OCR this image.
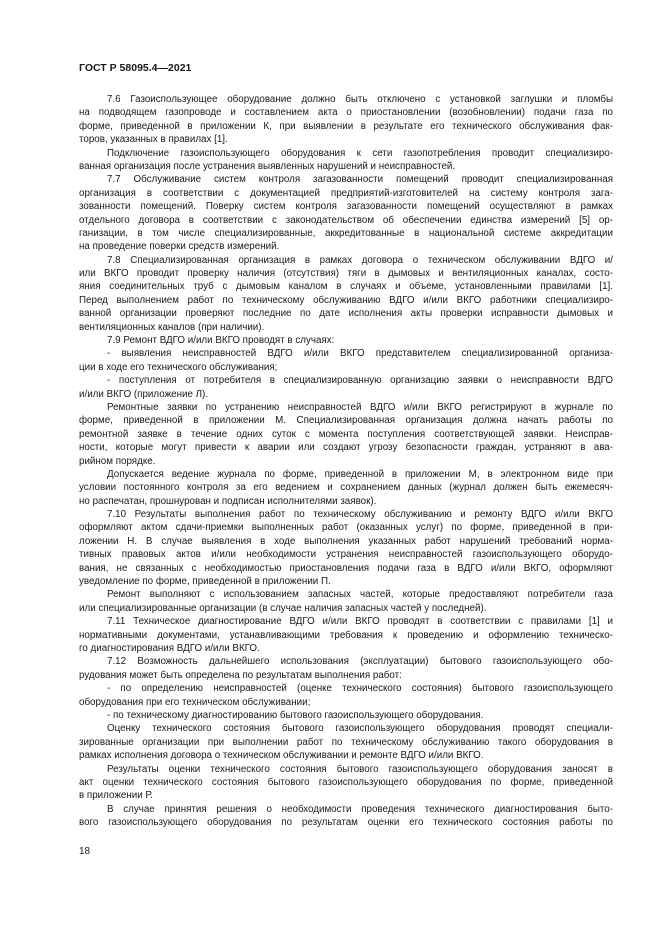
ГОСТ Р 58095.4—2021
7.6 Газоиспользующее оборудование должно быть отключено с установкой заглушки и пломбы
на подводящем газопроводе и составлением акта о приостановлении (возобновлении) подачи газа по
форме, приведенной в приложении К, при выявлении в результате его технического обслуживания фак-
торов, указанных в правилах [1].
Подключение газоиспользующего оборудования к сети газопотребления проводит специализиро-
ванная организация после устранения выявленных нарушений и неисправностей.
7.7 Обслуживание систем контроля загазованности помещений проводит специализированная
организация в соответствии с документацией предприятий-изготовителей на систему контроля зага-
зованности помещений. Поверку систем контроля загазованности помещений осуществляют в рамках
отдельного договора в соответствии с законодательством об обеспечении единства измерений [5] ор-
ганизации, в том числе специализированные, аккредитованные в национальной системе аккредитации
на проведение поверки средств измерений.
7.8 Специализированная организация в рамках договора о техническом обслуживании ВДГО и/
или ВКГО проводит проверку наличия (отсутствия) тяги в дымовых и вентиляционных каналах, состо-
яния соединительных труб с дымовым каналом в случаях и объеме, установленными правилами [1].
Перед выполнением работ по техническому обслуживанию ВДГО и/или ВКГО работники специализиро-
ванной организации проверяют последние по дате исполнения акты проверки исправности дымовых и
вентиляционных каналов (при наличии).
7.9 Ремонт ВДГО и/или ВКГО проводят в случаях:
- выявления неисправностей ВДГО и/или ВКГО представителем специализированной организа-
ции в ходе его технического обслуживания;
- поступления от потребителя в специализированную организацию заявки о неисправности ВДГО
и/или ВКГО (приложение Л).
Ремонтные заявки по устранению неисправностей ВДГО и/или ВКГО регистрируют в журнале по
форме, приведенной в приложении М. Специализированная организация должна начать работы по
ремонтной заявке в течение одних суток с момента поступления соответствующей заявки. Неисправ-
ности, которые могут привести к аварии или создают угрозу безопасности граждан, устраняют в ава-
рийном порядке.
Допускается ведение журнала по форме, приведенной в приложении М, в электронном виде при
условии постоянного контроля за его ведением и сохранением данных (журнал должен быть ежемесяч-
но распечатан, прошнурован и подписан исполнителями заявок).
7.10 Результаты выполнения работ по техническому обслуживанию и ремонту ВДГО и/или ВКГО
оформляют актом сдачи-приемки выполненных работ (оказанных услуг) по форме, приведенной в при-
ложении Н. В случае выявления в ходе выполнения указанных работ нарушений требований норма-
тивных правовых актов и/или необходимости устранения неисправностей газоиспользующего оборудо-
вания, не связанных с необходимостью приостановления подачи газа в ВДГО и/или ВКГО, оформляют
уведомление по форме, приведенной в приложении П.
Ремонт выполняют с использованием запасных частей, которые предоставляют потребители газа
или специализированные организации (в случае наличия запасных частей у последней).
7.11 Техническое диагностирование ВДГО и/или ВКГО проводят в соответствии с правилами [1] и
нормативными документами, устанавливающими требования к проведению и оформлению техническо-
го диагностирования ВДГО и/или ВКГО.
7.12 Возможность дальнейшего использования (эксплуатации) бытового газоиспользующего обо-
рудования может быть определена по результатам выполнения работ:
- по определению неисправностей (оценке технического состояния) бытового газоиспользующего
оборудования при его техническом обслуживании;
- по техническому диагностированию бытового газоиспользующего оборудования.
Оценку технического состояния бытового газоиспользующего оборудования проводят специали-
зированные организации при выполнении работ по техническому обслуживанию такого оборудования в
рамках исполнения договора о техническом обслуживании и ремонте ВДГО и/или ВКГО.
Результаты оценки технического состояния бытового газоиспользующего оборудования заносят в
акт оценки технического состояния бытового газоиспользующего оборудования по форме, приведенной
в приложении Р.
В случае принятия решения о необходимости проведения технического диагностирования быто-
вого газоиспользующего оборудования по результатам оценки его технического состояния работы по
18
